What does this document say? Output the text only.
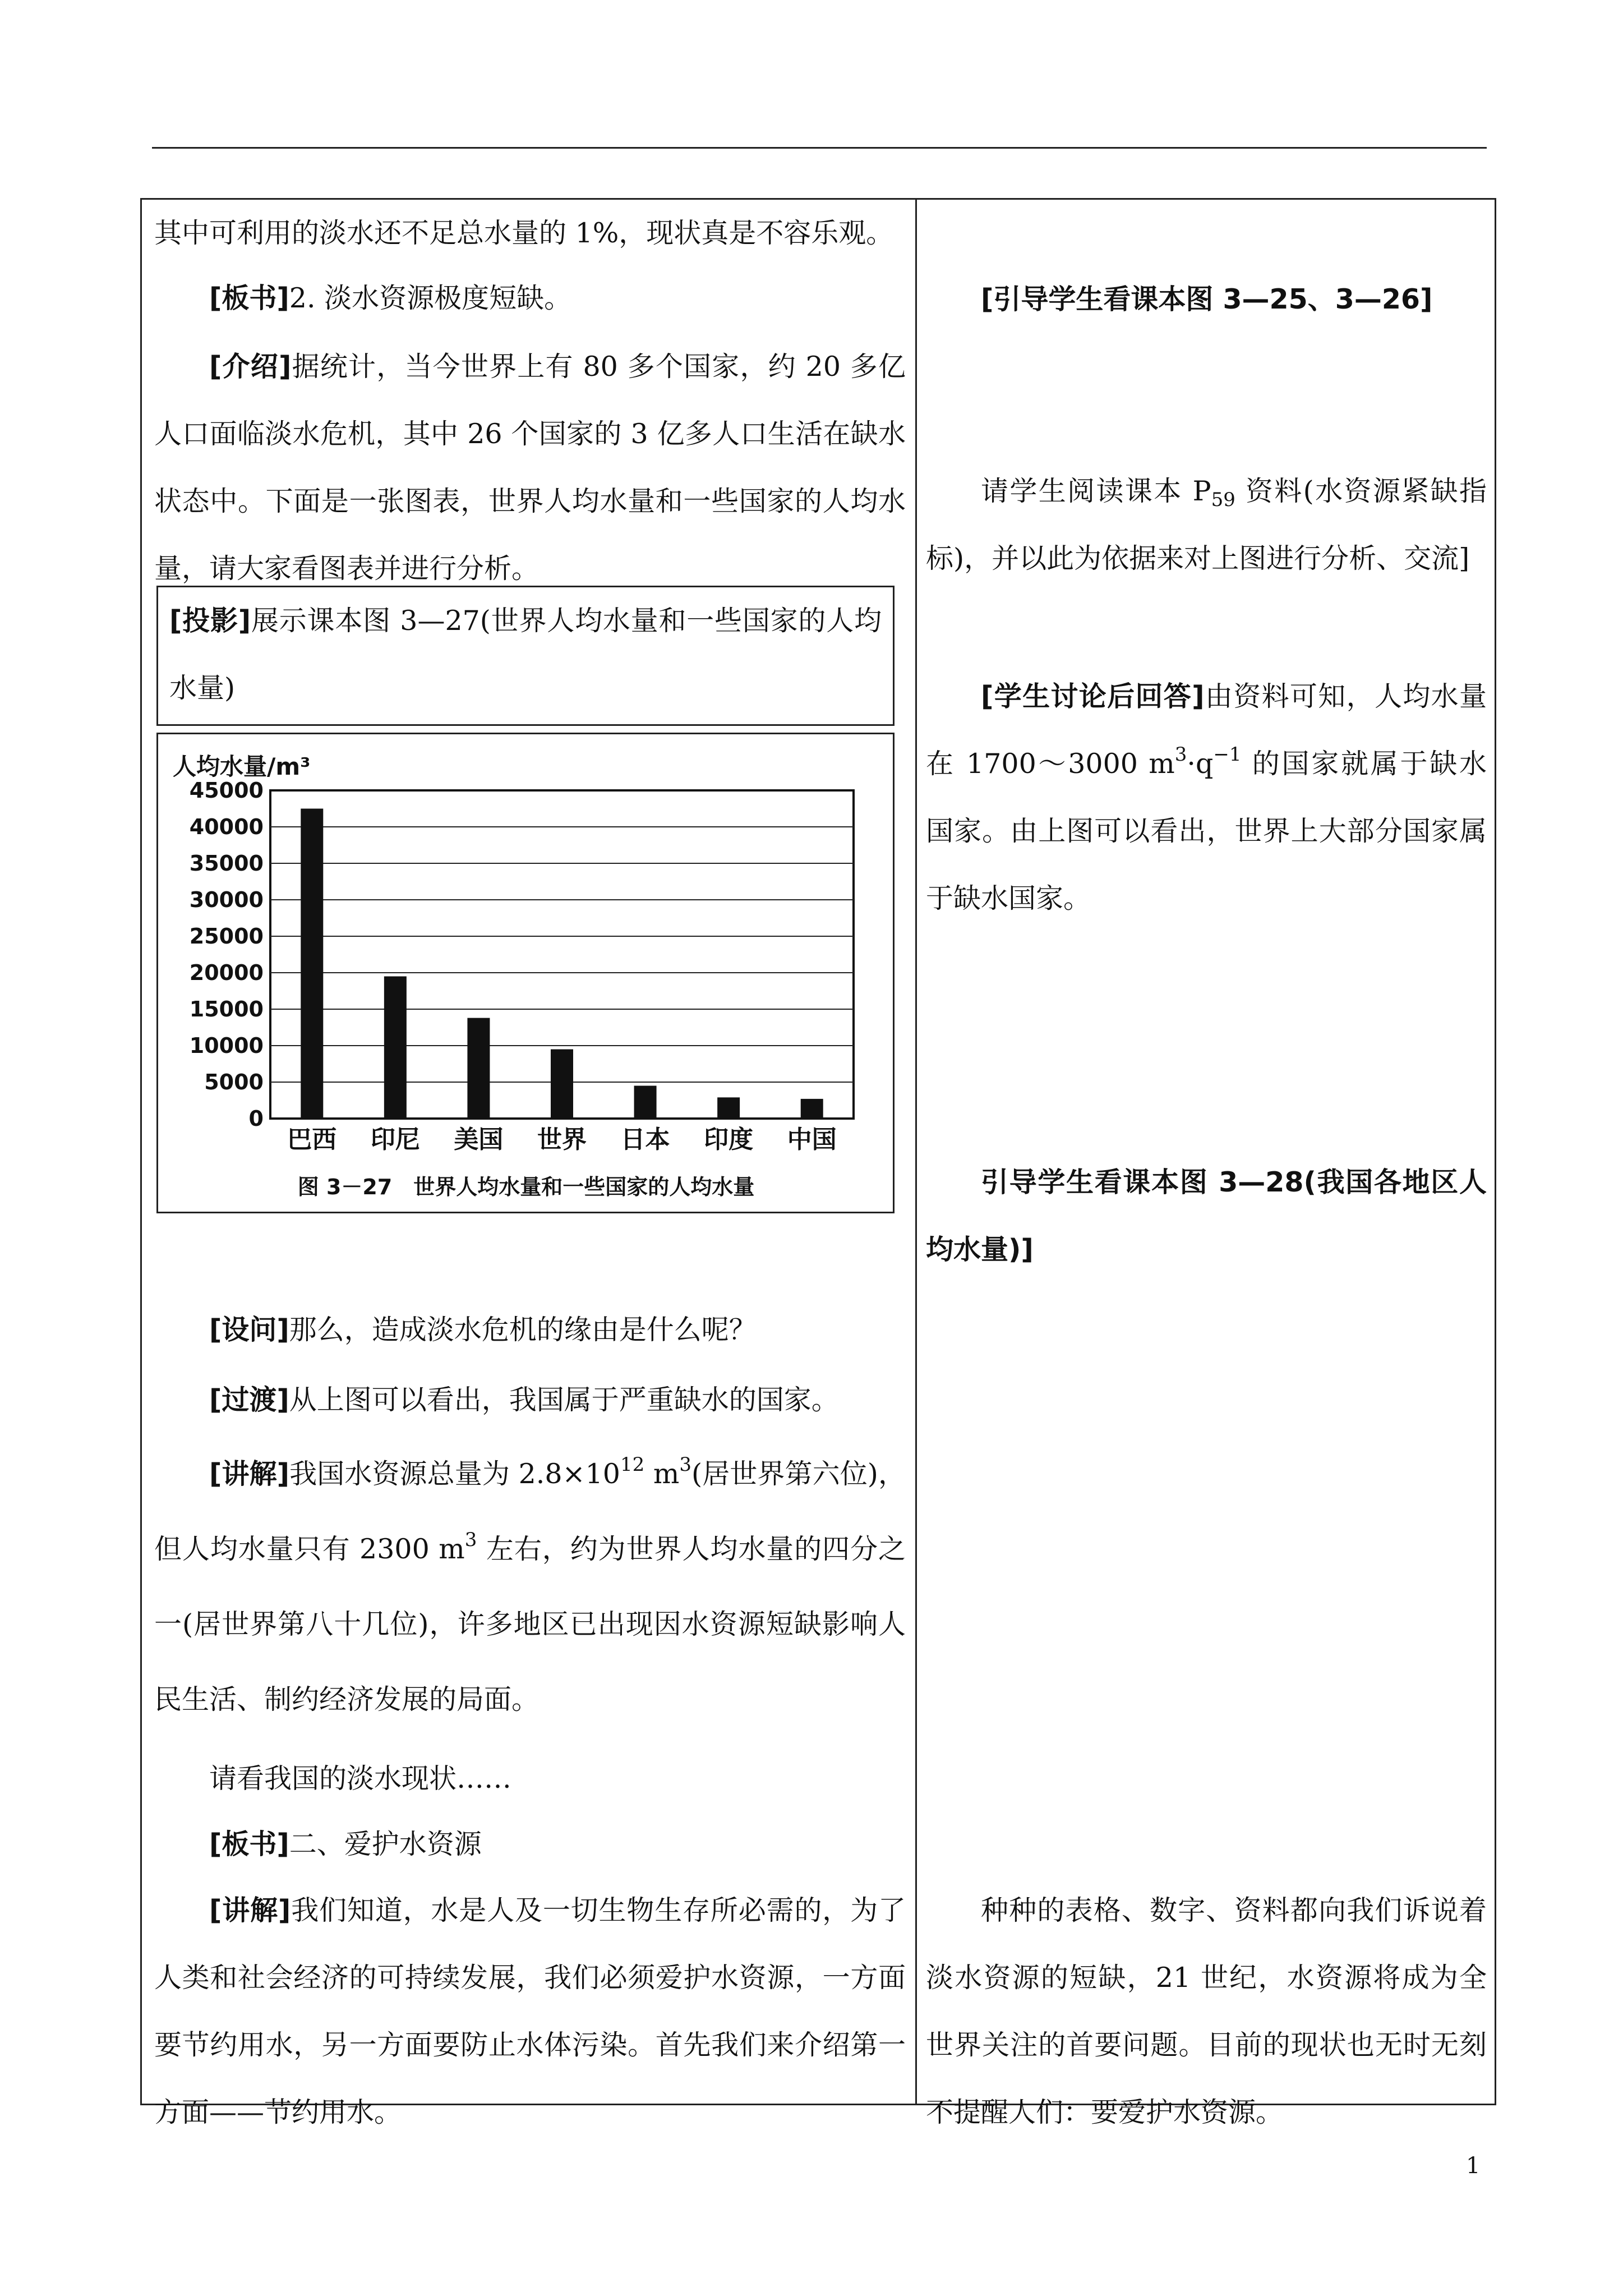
其中可利用的淡水还不足总水量的 1%，现状真是不容乐观。

[板书]2. 淡水资源极度短缺。

[介绍]据统计，当今世界上有 80 多个国家，约 20 多亿人口面临淡水危机，其中 26 个国家的 3 亿多人口生活在缺水状态中。下面是一张图表，世界人均水量和一些国家的人均水量，请大家看图表并进行分析。

[投影]展示课本图 3—27(世界人均水量和一些国家的人均水量)

人均水量/m³
0
5000
10000
15000
20000
25000
30000
35000
40000
45000
巴西 印尼 美国 世界 日本 印度 中国
图 3－27　世界人均水量和一些国家的人均水量

[设问]那么，造成淡水危机的缘由是什么呢？

[过渡]从上图可以看出，我国属于严重缺水的国家。

[讲解]我国水资源总量为 $2.8\times 10^{12}$ $m^3$(居世界第六位)，但人均水量只有 2300 $m^3$ 左右，约为世界人均水量的四分之一(居世界第八十几位)，许多地区已出现因水资源短缺影响人民生活、制约经济发展的局面。

请看我国的淡水现状……

[板书]二、爱护水资源

[讲解]我们知道，水是人及一切生物生存所必需的，为了人类和社会经济的可持续发展，我们必须爱护水资源，一方面要节约用水，另一方面要防止水体污染。首先我们来介绍第一方面——节约用水。

[引导学生看课本图 3—25、3—26]

请学生阅读课本 $P_{59}$ 资料(水资源紧缺指标)，并以此为依据来对上图进行分析、交流]

[学生讨论后回答]由资料可知，人均水量在 1700～3000 $m^3\cdot q^{-1}$ 的国家就属于缺水国家。由上图可以看出，世界上大部分国家属于缺水国家。

引导学生看课本图 3—28(我国各地区人均水量)]

种种的表格、数字、资料都向我们诉说着淡水资源的短缺，21 世纪，水资源将成为全世界关注的首要问题。目前的现状也无时无刻不提醒人们：要爱护水资源。

1
